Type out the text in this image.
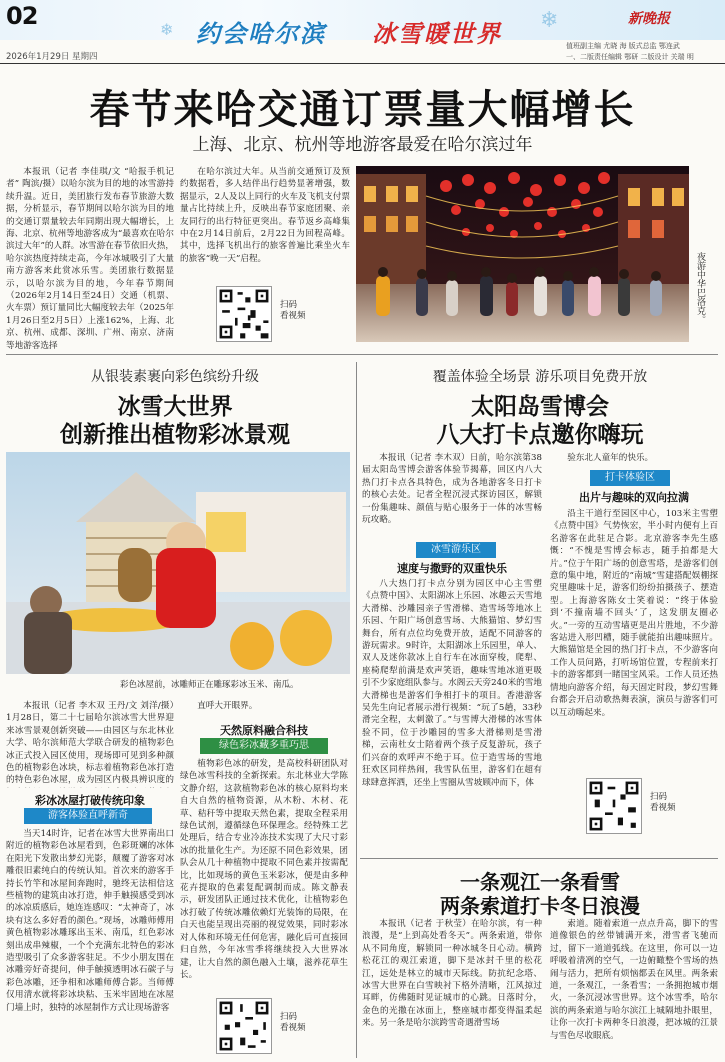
02
约会哈尔滨 冰雪暖世界 ❄
❄
新晚报
2026年1月29日 星期四
值班副主编 尤晓 海 版式总监 鄂连武
一、二版责任编辑 鄂研 二版设计 关瑞 明
春节来哈交通订票量大幅增长
上海、北京、杭州等地游客最爱在哈尔滨过年
本报讯（记者 李佳琪/文 “哈报手机记者” 陶滨/摄）以哈尔滨为目的地的冰雪游持续升温。近日，美团旅行发布春节旅游大数据，分析显示，春节期间以哈尔滨为目的地的交通订票量较去年同期出现大幅增长，上海、北京、杭州等地游客成为“最喜欢在哈尔滨过大年”的人群。冰雪游在春节依旧火热，哈尔滨热度持续走高，今年冰城吸引了大量南方游客来此赏冰乐雪。美团旅行数据显示，以哈尔滨为目的地，今年春节期间（2026年2月14日至24日）交通（机票、火车票）预订量同比大幅度较去年（2025年1月26日至2月5日）上涨162%，上海、北京、杭州、成都、深圳、广州、南京、济南等地游客选择
在哈尔滨过大年。从当前交通预订及预约数据看，多人结伴出行趋势显著增强，数据显示，2人及以上同行的火车及飞机支付票量占比持续上升，反映出春节家庭团聚、亲友同行的出行特征更突出。春节返乡高峰集中在2月14日前后，2月22日为回程高峰。其中，选择飞机出行的旅客普遍比乘坐火车的旅客“晚一天”启程。
扫码
看视频	夜游中华巴洛克。
从银装素裹向彩色缤纷升级
冰雪大世界
创新推出植物彩冰景观
彩色冰屋前，冰雕师正在雕琢彩冰玉米、南瓜。
本报讯（记者 李木双 王丹/文 刘洋/摄）1月28日，第二十七届哈尔滨冰雪大世界迎来冰雪景观创新突破——由园区与东北林业大学、哈尔滨师范大学联合研发的植物彩色冰正式投入园区使用，现场即可见到多种颜色的植物彩色冰块，标志着植物彩色冰打造的特色彩色冰屋，成为园区内极具辨识度的
彩冰冰屋打破传统印象
游客体验直呼新奇
当天14时许，记者在冰雪大世界南出口附近的植物彩色冰屋看到，色彩斑斓的冰体在阳光下发散出梦幻光影，颠覆了游客对冰雕很旧素纯白的传统认知。首次来的游客手持长竹竿和冰屋间奔跑时，驰终无法相信这些植物的建筑由冰打造，伸手触摸感受到冰的冰凉质感后，她连连感叹：“太神奇了，冰块有这么多好看的颜色。”现场，冰雕师傅用黄色植物彩冰雕琢出玉米、南瓜，红色彩冰刻出成串辣椒，一个个充满东北特色的彩冰造型吸引了众多游客驻足。不少小朋友围在冰雕旁好奇提问，伸手触摸透明冰石碳子与彩色冰雕，还争相和冰雕师傅合影。当师傅仅用清水就将彩冰块粘、玉米牢固地在冰屋门墙上时，独特的冰屋制作方式让现场游客
直呼大开眼界。
天然原料融合科技
绿色彩冰藏多重巧思
植物彩色冰的研发，是高校科研团队对绿色冰雪科技的全新探索。东北林业大学陈文静介绍，这款植物彩色冰的核心原料均来自大自然的植物资源，从木粉、木材、花草、秸秆等中提取天然色素，提取全程采用绿色试剂，遵循绿色环保理念。经特殊工艺处理后，结合专业冷冻技术实现了大尺寸彩冰的批量化生产。为还原不同色彩效果，团队会从几十种植物中提取不同色素并按需配比，比如现场的黄色玉米彩冰，便是由多种花卉提取的色素复配调制而成。陈文静表示，研发团队正通过技术优化，让植物彩色冰打破了传统冰雕依赖灯光装饰的局限，在白天也能呈现出亮丽的视觉效果，同时彩冰对人体和环境无任何危害，融化后可直接回归自然，今年冰雪季将继续投入大世界冰建，让大自然的颜色融入土壤，滋养花草生长。
扫码
看视频
覆盖体验全场景 游乐项目免费开放
太阳岛雪博会
八大打卡点邀你嗨玩
本报讯（记者 李木双）日前，哈尔滨第38届太阳岛雪博会游客体验节揭幕，回区内八大热门打卡点各具特色，成为各地游客冬日打卡的核心去处。记者全程沉浸式探访园区，解锁一份集趣味、颜值与贴心服务于一体的冰雪畅玩攻略。
冰雪游乐区
速度与撒野的双重快乐
八大热门打卡点分别为园区中心主雪塑《点赞中国》、太阳湖冰上乐园、冰趣云天雪地大滑梯、沙雕园亲子雪滑梯、造雪场等地冰上乐园、午阳广场创意雪场、大熊猫馆、梦幻雪舞台，所有点位均免费开放，适配不同游客的游玩需求。9时许，太阳湖冰上乐园里，单人、双人及迷你款冰上自行车在冰面穿梭，爬犁、座椅爬犁前满是欢声笑语，趣味雪地冰道更吸引不少家庭组队参与。水阁云天旁240米的雪地大滑梯也是游客们争相打卡的项目。香港游客吴先生向记者展示滑行视频：“玩了5趟，33秒滑完全程，太刺激了。”与雪博大滑梯的冰雪体验不同，位于沙雕园的雪多大滑梯则是雪滑梯，云南杜女士陪着两个孩子反复游玩，孩子们兴奋的欢呼声不绝于耳。位于造雪场的雪地狂欢区同样热闹，我雪队伍里，游客们在超有球肆意挥洒，还坐上雪圈从雪坡顾冲而下，体
验东北人童年的快乐。
打卡体验区
出片与趣味的双向拉满
沿主干道行至园区中心，103米主雪塑《点赞中国》气势恢宏，半小时内便有上百名游客在此驻足合影。北京游客李先生感慨：“不愧是雪博会标志，随手拍都是大片。”位于午阳广场的创意雪塔，是游客们创意的集中地，附近的“南城”雪建搭配娱棚探究里趣味十足，游客们纷纷拍摄孩子、摆造型。上海游客陈女士笑着说：“终于体验到‘不撞南墙不回头’了，这发朋友圈必火。”一旁的互动雪墙更是出片胜地，不少游客站进入形凹槽，随手就能拍出趣味照片。大熊猫馆是全园的热门打卡点，不少游客向工作人员问路，打听场馆位置，专程前来打卡的游客都到一睹国宝风采。工作人员还热情地向游客介绍，每天固定时段，梦幻雪舞台都会开启动歌热舞表演，演员与游客们可以互动嗨起来。
扫码
看视频
一条观江一条看雪
两条索道打卡冬日浪漫
本报讯（记者 于秋莹）在哈尔滨，有一种浪漫，是“上到高处看冬天”。两条索道，带你从不同角度，解锁同一种冰城冬日心动。横跨松花江的观江索道，脚下是冰封千里的松花江，远处是林立的城市天际线。防抗纪念塔、冰雪大世界在白雪映衬下格外清晰，江风掠过耳畔，仿佛随时见证城市的心跳。日落时分，金色的光撒在冰面上，整座城市都变得温柔起来。另一条是哈尔滨跨雪奇遇滑雪场
索道。随着索道一点点升高，脚下的雪道像银色的丝带铺满开来，滑雪者飞驰而过，留下一道道弧线。在这里，你可以一边呼吸着清冽的空气，一边俯瞰整个雪场的热闹与活力，把所有烦恼都丢在风里。两条索道，一条观江，一条看雪；一条拥抱城市烟火，一条沉浸冰雪世界。这个冰雪季，哈尔滨的两条索道与哈尔滨江上城隔地扑眼里，让你一次打卡两种冬日浪漫，把冰城的江景与雪色尽收眼底。
